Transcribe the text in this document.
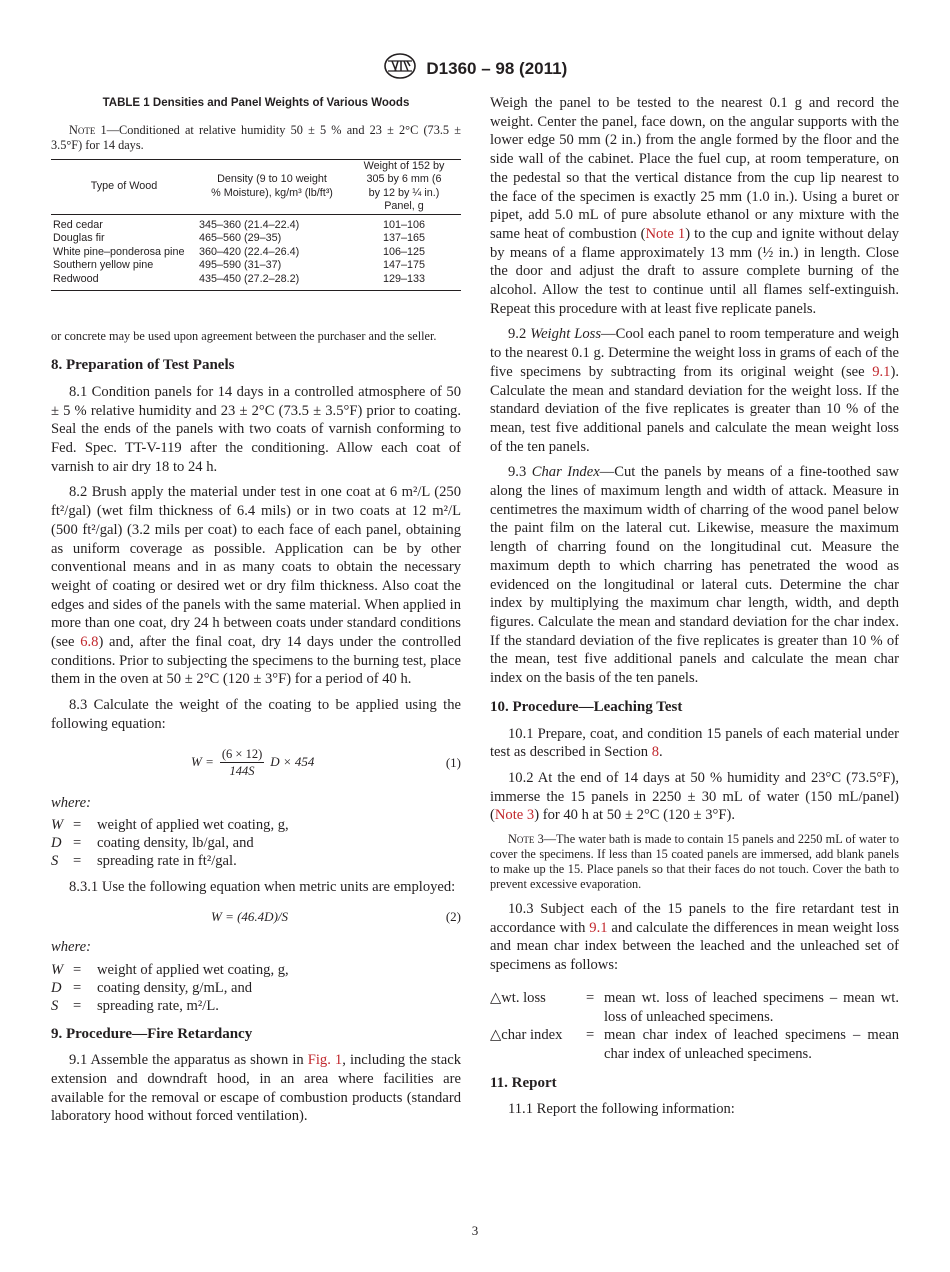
D1360 – 98 (2011)
TABLE 1 Densities and Panel Weights of Various Woods
Note 1—Conditioned at relative humidity 50 ± 5 % and 23 ± 2°C (73.5 ± 3.5°F) for 14 days.
Type of Wood	Density (9 to 10 weight % Moisture), kg/m³ (lb/ft³)	Weight of 152 by 305 by 6 mm (6 by 12 by ¼ in.) Panel, g
Red cedar	345–360 (21.4–22.4)	101–106
Douglas fir	465–560 (29–35)	137–165
White pine–ponderosa pine	360–420 (22.4–26.4)	106–125
Southern yellow pine	495–590 (31–37)	147–175
Redwood	435–450 (27.2–28.2)	129–133

or concrete may be used upon agreement between the purchaser and the seller.

8. Preparation of Test Panels

8.1 Condition panels for 14 days in a controlled atmosphere of 50 ± 5 % relative humidity and 23 ± 2°C (73.5 ± 3.5°F) prior to coating. Seal the ends of the panels with two coats of varnish conforming to Fed. Spec. TT-V-119 after the conditioning. Allow each coat of varnish to air dry 18 to 24 h.

8.2 Brush apply the material under test in one coat at 6 m²/L (250 ft²/gal) (wet film thickness of 6.4 mils) or in two coats at 12 m²/L (500 ft²/gal) (3.2 mils per coat) to each face of each panel, obtaining as uniform coverage as possible. Application can be by other conventional means and in as many coats to obtain the necessary weight of coating or desired wet or dry film thickness. Also coat the edges and sides of the panels with the same material. When applied in more than one coat, dry 24 h between coats under standard conditions (see 6.8) and, after the final coat, dry 14 days under the controlled conditions. Prior to subjecting the specimens to the burning test, place them in the oven at 50 ± 2°C (120 ± 3°F) for a period of 40 h.

8.3 Calculate the weight of the coating to be applied using the following equation:

$W = \frac{(6 \times 12)}{144S}$ D × 454	(1)
where:
W =	weight of applied wet coating, g,
D =	coating density, lb/gal, and
S	=	spreading rate in ft²/gal.

8.3.1 Use the following equation when metric units are employed:

W = (46.4D)/S	(2)
where:
W =	weight of applied wet coating, g,
D =	coating density, g/mL, and
S	=	spreading rate, m²/L.
9. Procedure—Fire Retardancy

9.1 Assemble the apparatus as shown in Fig. 1, including the stack extension and downdraft hood, in an area where facilities are available for the removal or escape of combustion products (standard laboratory hood without forced ventilation).

Weigh the panel to be tested to the nearest 0.1 g and record the weight. Center the panel, face down, on the angular supports with the lower edge 50 mm (2 in.) from the angle formed by the floor and the side wall of the cabinet. Place the fuel cup, at room temperature, on the pedestal so that the vertical distance from the cup lip nearest to the face of the specimen is exactly 25 mm (1.0 in.). Using a buret or pipet, add 5.0 mL of pure absolute ethanol or any mixture with the same heat of combustion (Note 1) to the cup and ignite without delay by means of a flame approximately 13 mm (½ in.) in length. Close the door and adjust the draft to assure complete burning of the alcohol. Allow the test to continue until all flames self-extinguish. Repeat this procedure with at least five replicate panels.

9.2 Weight Loss—Cool each panel to room temperature and weigh to the nearest 0.1 g. Determine the weight loss in grams of each of the five specimens by subtracting from its original weight (see 9.1). Calculate the mean and standard deviation for the weight loss. If the standard deviation of the five replicates is greater than 10 % of the mean, test five additional panels and calculate the mean weight loss of the ten panels.

9.3 Char Index—Cut the panels by means of a fine-toothed saw along the lines of maximum length and width of attack. Measure in centimetres the maximum width of charring of the wood panel below the paint film on the lateral cut. Likewise, measure the maximum length of charring found on the longitudinal cut. Measure the maximum depth to which charring has penetrated the wood as evidenced on the longitudinal or lateral cuts. Determine the char index by multiplying the maximum char length, width, and depth figures. Calculate the mean and standard deviation for the char index. If the standard deviation of the five replicates is greater than 10 % of the mean, test five additional panels and calculate the mean char index on the basis of the ten panels.

10. Procedure—Leaching Test

10.1 Prepare, coat, and condition 15 panels of each material under test as described in Section 8.

10.2 At the end of 14 days at 50 % humidity and 23°C (73.5°F), immerse the 15 panels in 2250 ± 30 mL of water (150 mL/panel) (Note 3) for 40 h at 50 ± 2°C (120 ± 3°F).

Note 3—The water bath is made to contain 15 panels and 2250 mL of water to cover the specimens. If less than 15 coated panels are immersed, add blank panels to make up the 15. Place panels so that their faces do not touch. Cover the bath to prevent excessive evaporation.

10.3 Subject each of the 15 panels to the fire retardant test in accordance with 9.1 and calculate the differences in mean weight loss and mean char index between the leached and the unleached set of specimens as follows:

△wt. loss	= mean wt. loss of leached specimens – mean wt. loss of unleached specimens.
△char index	= mean char index of leached specimens – mean char index of unleached specimens.
11. Report

11.1 Report the following information:

3
